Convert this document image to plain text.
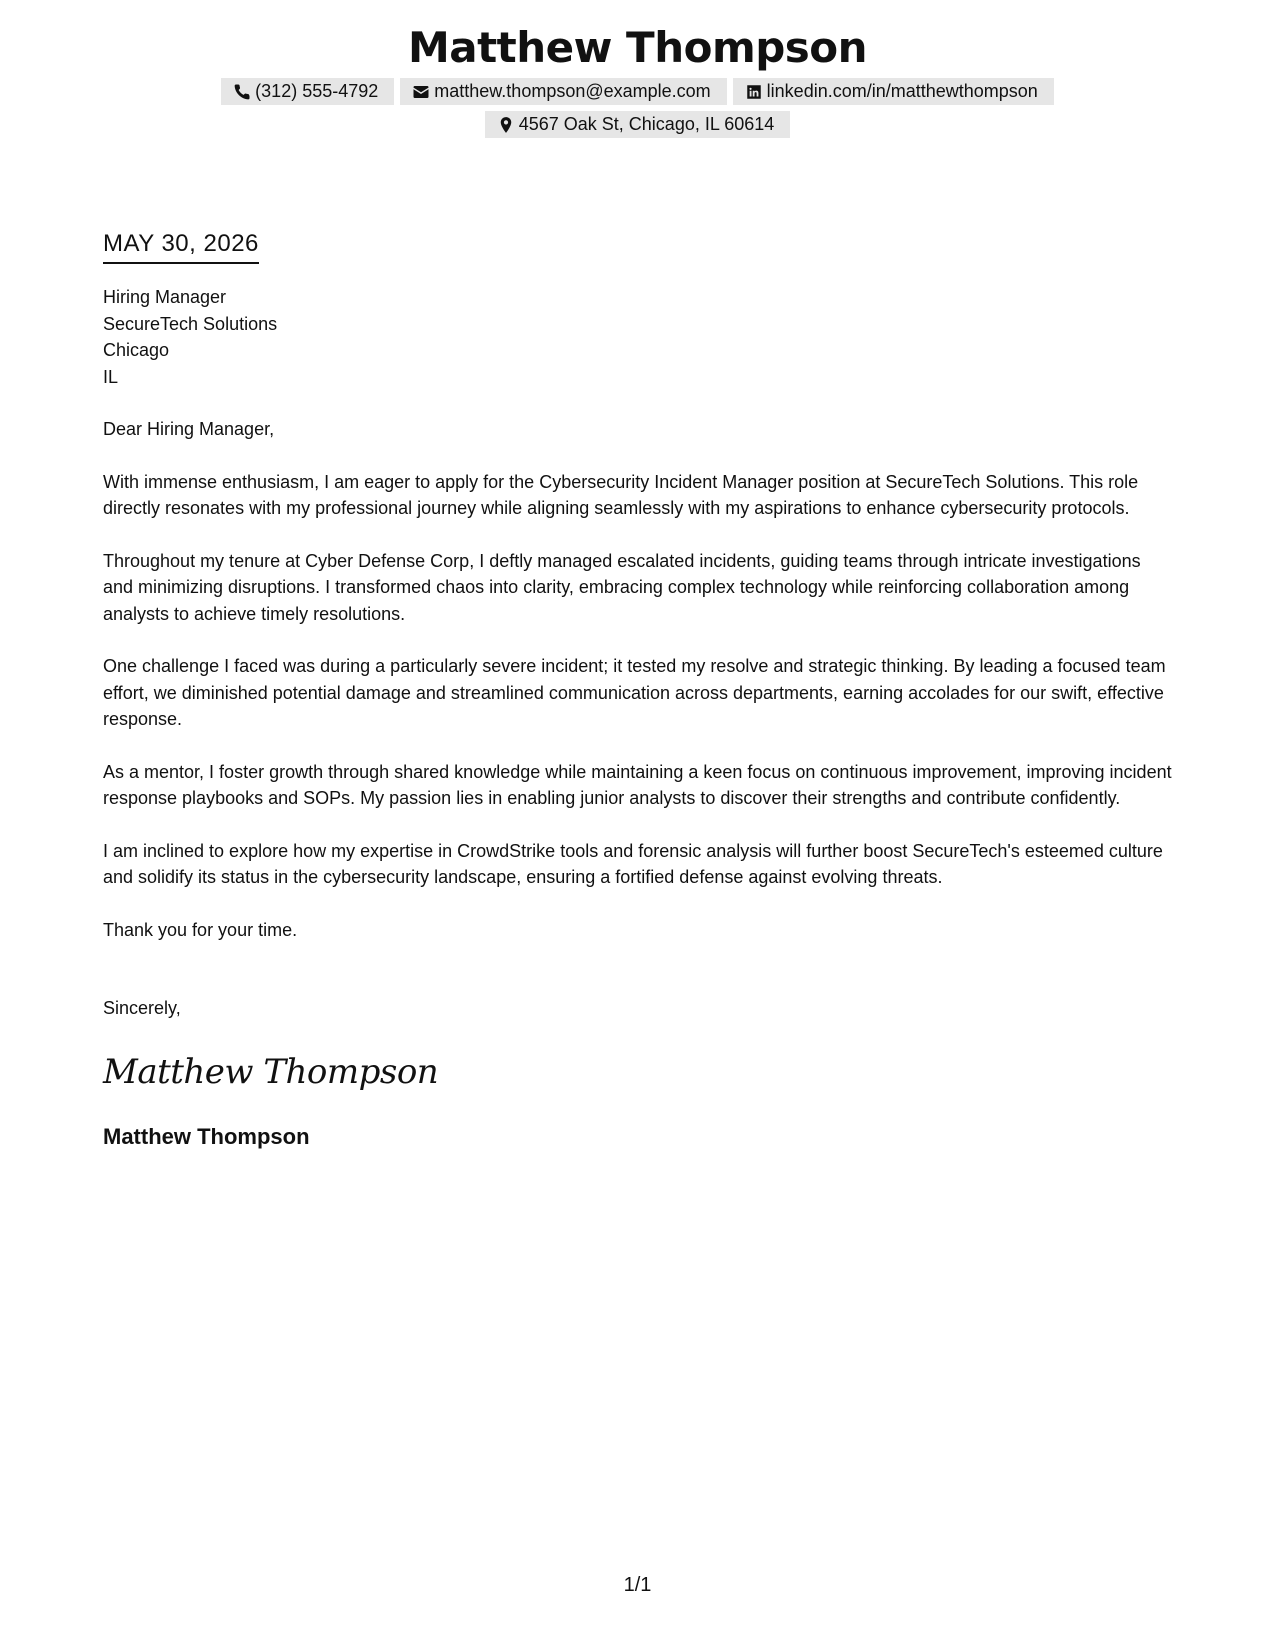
Matthew Thompson
(312) 555-4792	matthew.thompson@example.com	linkedin.com/in/matthewthompson
4567 Oak St, Chicago, IL 60614
MAY 30, 2026
Hiring Manager
SecureTech Solutions
Chicago
IL
Dear Hiring Manager,

With immense enthusiasm, I am eager to apply for the Cybersecurity Incident Manager position at SecureTech Solutions. This role directly resonates with my professional journey while aligning seamlessly with my aspirations to enhance cybersecurity protocols.

Throughout my tenure at Cyber Defense Corp, I deftly managed escalated incidents, guiding teams through intricate investigations and minimizing disruptions. I transformed chaos into clarity, embracing complex technology while reinforcing collaboration among analysts to achieve timely resolutions.

One challenge I faced was during a particularly severe incident; it tested my resolve and strategic thinking. By leading a focused team effort, we diminished potential damage and streamlined communication across departments, earning accolades for our swift, effective response.

As a mentor, I foster growth through shared knowledge while maintaining a keen focus on continuous improvement, improving incident response playbooks and SOPs. My passion lies in enabling junior analysts to discover their strengths and contribute confidently.

I am inclined to explore how my expertise in CrowdStrike tools and forensic analysis will further boost SecureTech's esteemed culture and solidify its status in the cybersecurity landscape, ensuring a fortified defense against evolving threats.

Thank you for your time.

Sincerely,
Matthew Thompson
Matthew Thompson
1/1
